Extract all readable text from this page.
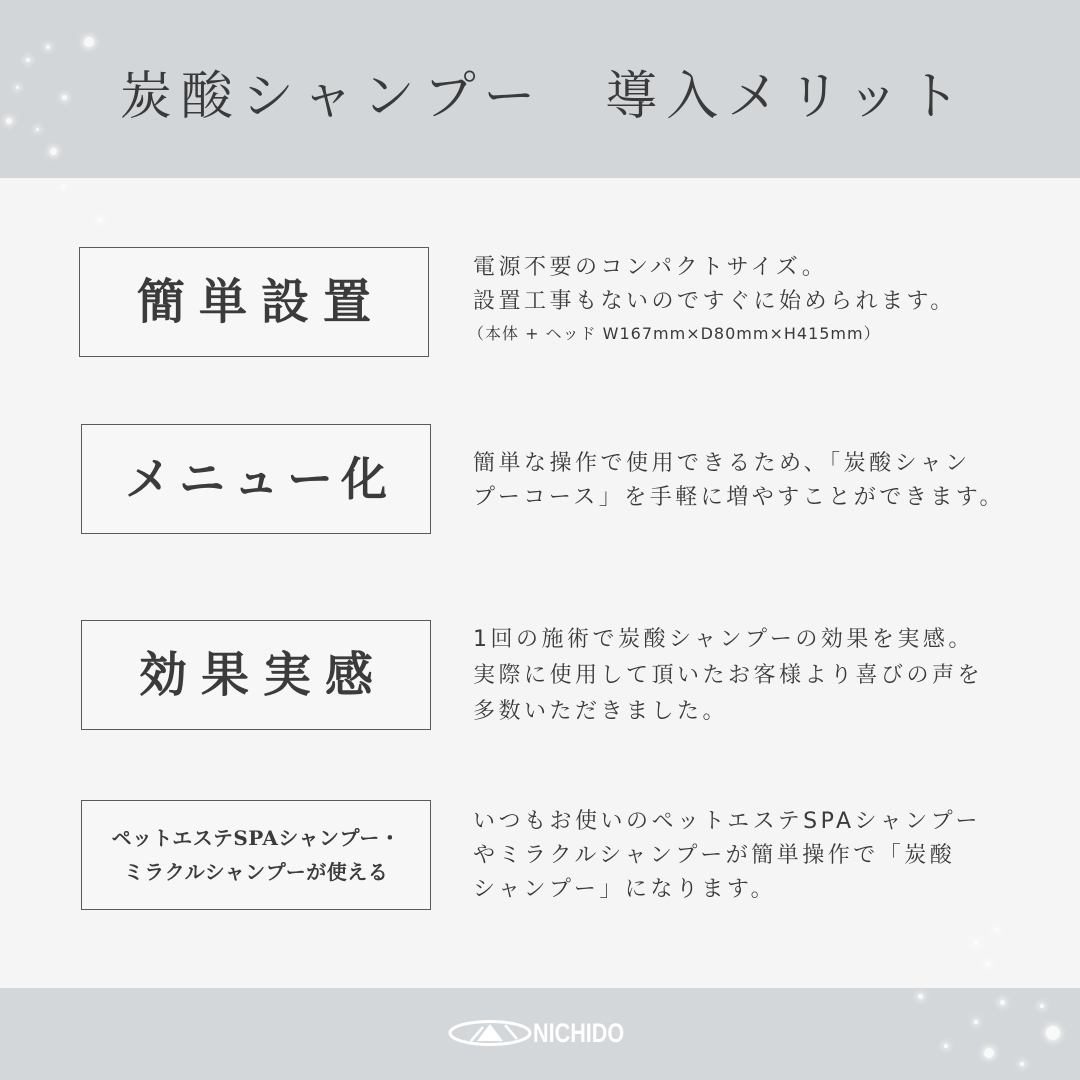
炭酸シャンプー　導入メリット
簡単設置
電源不要のコンパクトサイズ。
設置工事もないのですぐに始められます。
（本体 + ヘッド W167mm×D80mm×H415mm）
メニュー化	簡単な操作で使用できるため、「炭酸シャン
プーコース」を手軽に増やすことができます。
効果実感
1回の施術で炭酸シャンプーの効果を実感。
実際に使用して頂いたお客様より喜びの声を
多数いただきました。
ペットエステSPAシャンプー・
ミラクルシャンプーが使える
いつもお使いのペットエステSPAシャンプー
やミラクルシャンプーが簡単操作で「炭酸
シャンプー」になります。
NICHIDO
